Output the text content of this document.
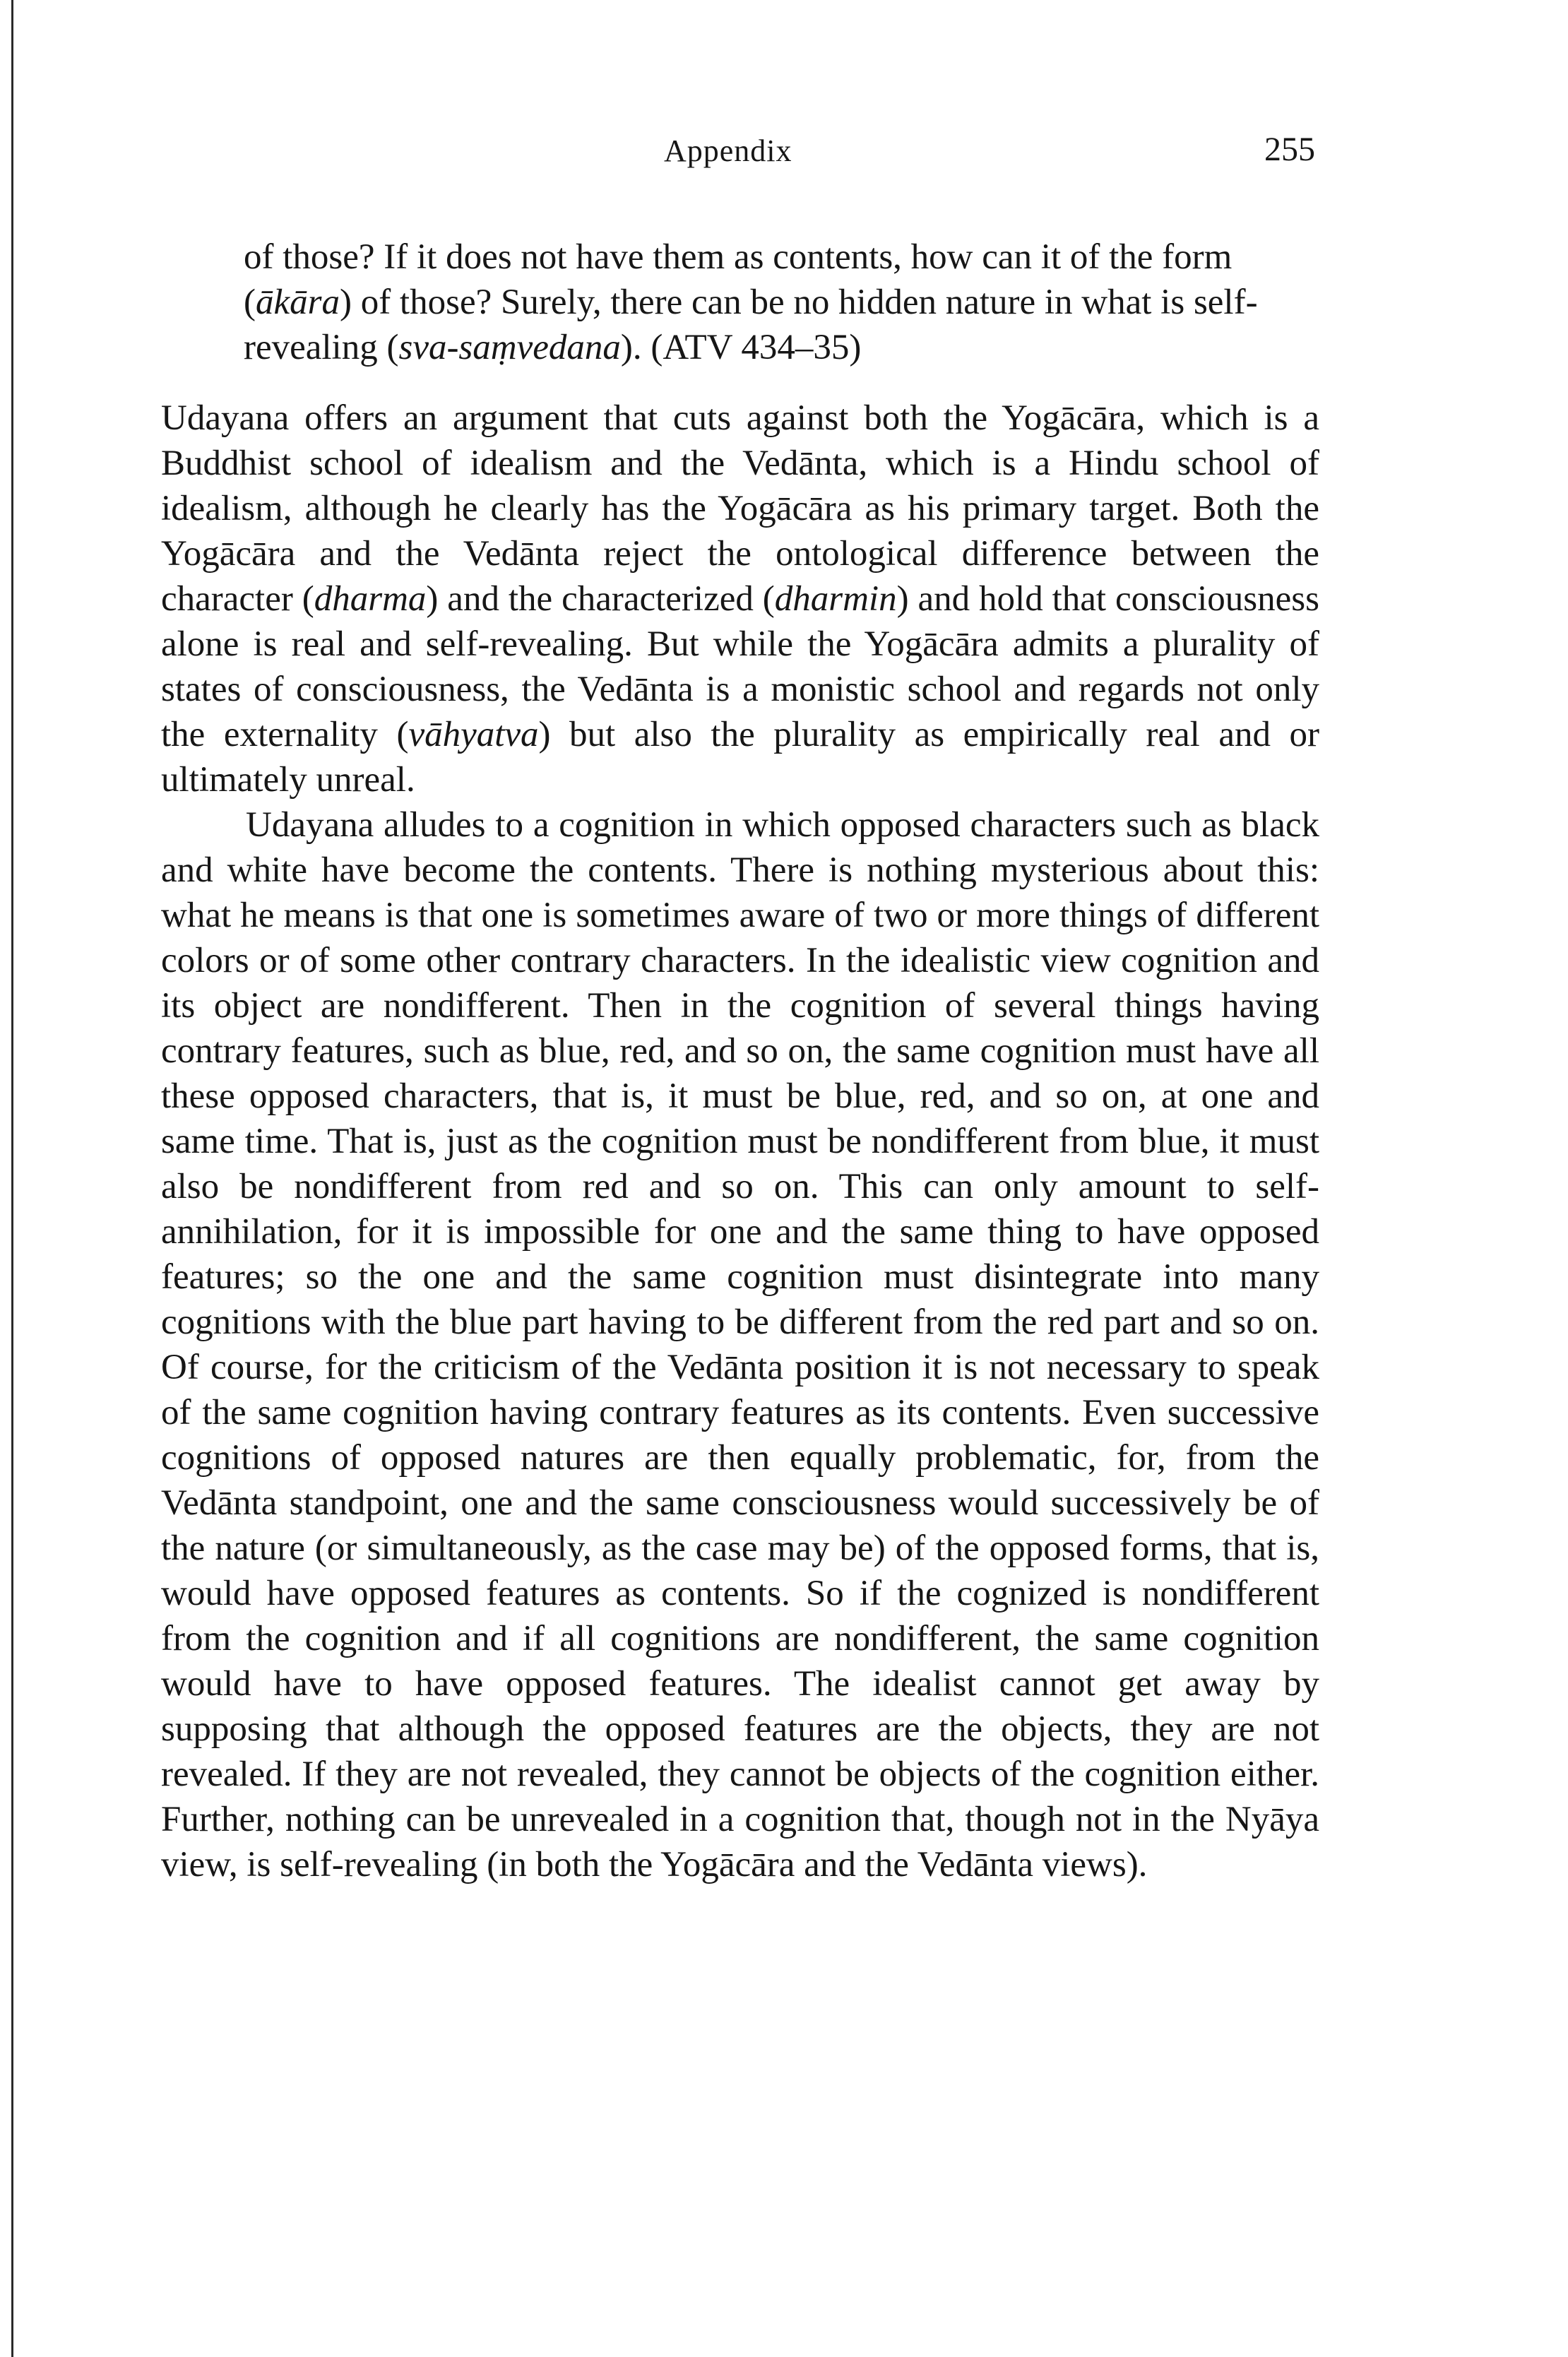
Appendix	255
of those? If it does not have them as contents, how can it of the form (ākāra) of those? Surely, there can be no hidden nature in what is self-revealing (sva-saṃvedana). (ATV 434–35)

Udayana offers an argument that cuts against both the Yogācāra, which is a Buddhist school of idealism and the Vedānta, which is a Hindu school of idealism, although he clearly has the Yogācāra as his primary target. Both the Yogācāra and the Vedānta reject the ontological difference between the character (dharma) and the characterized (dharmin) and hold that consciousness alone is real and self-revealing. But while the Yogācāra admits a plurality of states of consciousness, the Vedānta is a monistic school and regards not only the externality (vāhyatva) but also the plurality as empirically real and or ultimately unreal.

Udayana alludes to a cognition in which opposed characters such as black and white have become the contents. There is nothing mysterious about this: what he means is that one is sometimes aware of two or more things of different colors or of some other contrary characters. In the idealistic view cognition and its object are nondifferent. Then in the cognition of several things having contrary features, such as blue, red, and so on, the same cognition must have all these opposed characters, that is, it must be blue, red, and so on, at one and same time. That is, just as the cognition must be nondifferent from blue, it must also be nondifferent from red and so on. This can only amount to self-annihilation, for it is impossible for one and the same thing to have opposed features; so the one and the same cognition must disintegrate into many cognitions with the blue part having to be different from the red part and so on. Of course, for the criticism of the Vedānta position it is not necessary to speak of the same cognition having contrary features as its contents. Even successive cognitions of opposed natures are then equally problematic, for, from the Vedānta standpoint, one and the same consciousness would successively be of the nature (or simultaneously, as the case may be) of the opposed forms, that is, would have opposed features as contents. So if the cognized is nondifferent from the cognition and if all cognitions are nondifferent, the same cognition would have to have opposed features. The idealist cannot get away by supposing that although the opposed features are the objects, they are not revealed. If they are not revealed, they cannot be objects of the cognition either. Further, nothing can be unrevealed in a cognition that, though not in the Nyāya view, is self-revealing (in both the Yogācāra and the Vedānta views).
